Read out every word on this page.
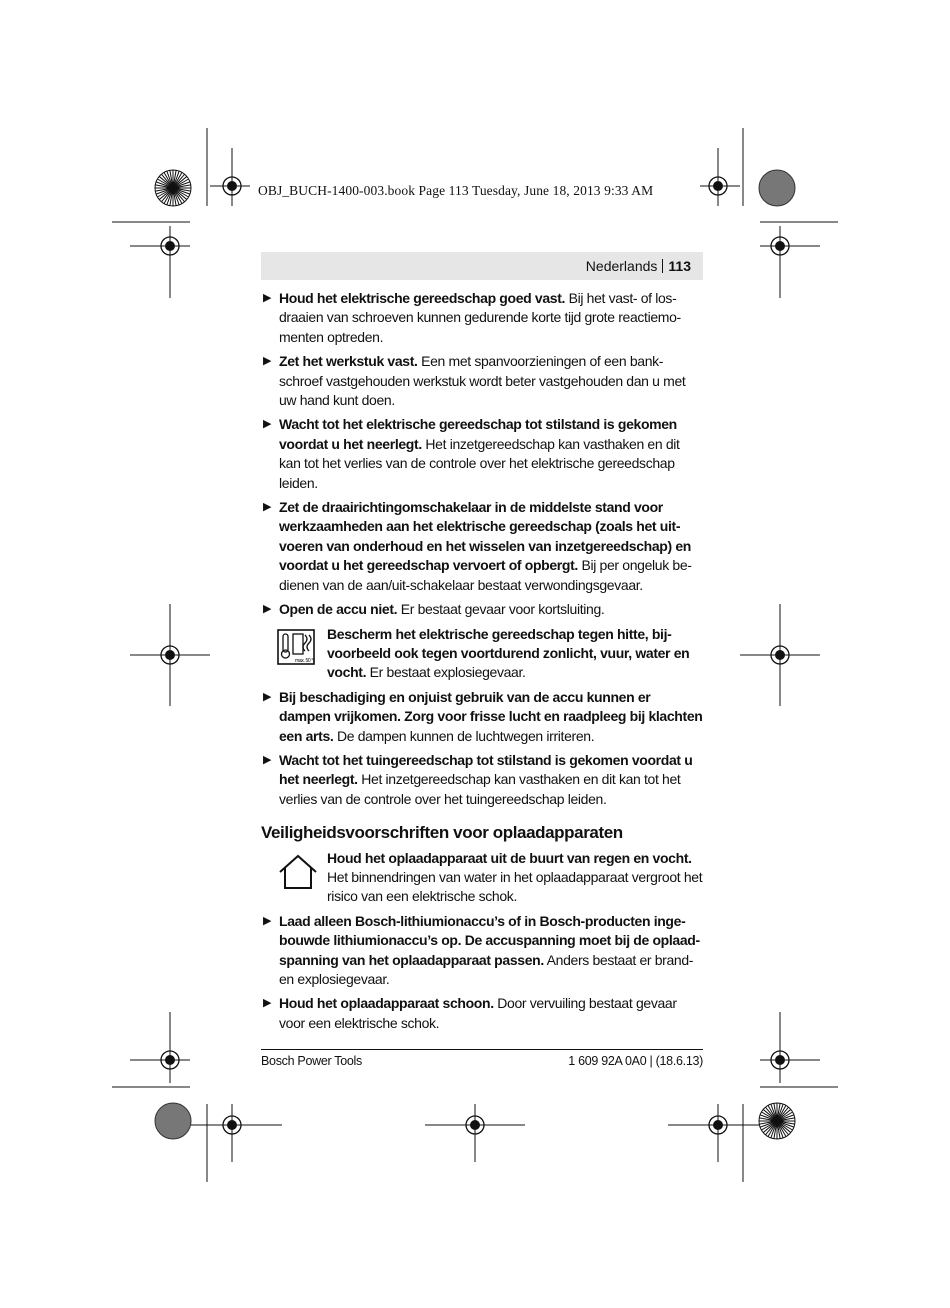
OBJ_BUCH-1400-003.book Page 113 Tuesday, June 18, 2013 9:33 AM
Nederlands 113
▶ Houd het elektrische gereedschap goed vast. Bij het vast- of los-draaien van schroeven kunnen gedurende korte tijd grote reactiemo-menten optreden.
▶ Zet het werkstuk vast. Een met spanvoorzieningen of een bank-schroef vastgehouden werkstuk wordt beter vastgehouden dan u met uw hand kunt doen.
▶ Wacht tot het elektrische gereedschap tot stilstand is gekomen voordat u het neerlegt. Het inzetgereedschap kan vasthaken en dit kan tot het verlies van de controle over het elektrische gereedschap leiden.
▶ Zet de draairichtingomschakelaar in de middelste stand voor werkzaamheden aan het elektrische gereedschap (zoals het uit-voeren van onderhoud en het wisselen van inzetgereedschap) en voordat u het gereedschap vervoert of opbergt. Bij per ongeluk be-dienen van de aan/uit-schakelaar bestaat verwondingsgevaar.
▶ Open de accu niet. Er bestaat gevaar voor kortsluiting.
max. 50 °C
Bescherm het elektrische gereedschap tegen hitte, bij-voorbeeld ook tegen voortdurend zonlicht, vuur, water en vocht. Er bestaat explosiegevaar.
▶ Bij beschadiging en onjuist gebruik van de accu kunnen er dampen vrijkomen. Zorg voor frisse lucht en raadpleeg bij klachten een arts. De dampen kunnen de luchtwegen irriteren.
▶ Wacht tot het tuingereedschap tot stilstand is gekomen voordat u het neerlegt. Het inzetgereedschap kan vasthaken en dit kan tot het verlies van de controle over het tuingereedschap leiden.
Veiligheidsvoorschriften voor oplaadapparaten
Houd het oplaadapparaat uit de buurt van regen en vocht. Het binnendringen van water in het oplaadapparaat vergroot het risico van een elektrische schok.
▶ Laad alleen Bosch-lithiumionaccu’s of in Bosch-producten inge-bouwde lithiumionaccu’s op. De accuspanning moet bij de oplaad-spanning van het oplaadapparaat passen. Anders bestaat er brand- en explosiegevaar.
▶ Houd het oplaadapparaat schoon. Door vervuiling bestaat gevaar voor een elektrische schok.
Bosch Power Tools	1 609 92A 0A0 | (18.6.13)
